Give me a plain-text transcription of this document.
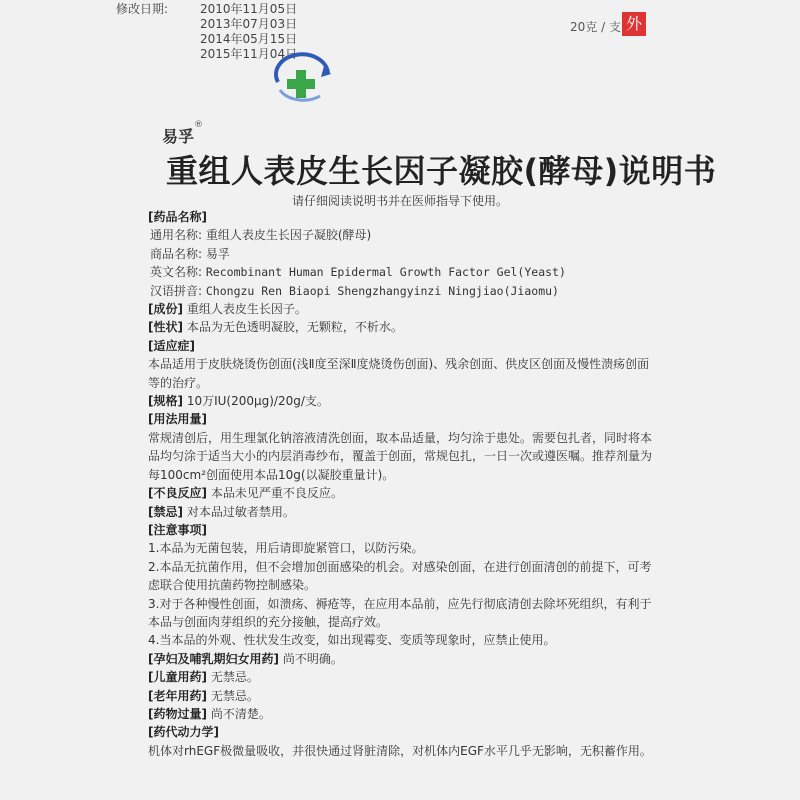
修改日期:	2010年11月05日
2013年07月03日
2014年05月15日
2015年11月04日
20克 / 支 外
易孚
®
重组人表皮生长因子凝胶(酵母)说明书
请仔细阅读说明书并在医师指导下使用。

[药品名称]

通用名称: 重组人表皮生长因子凝胶(酵母)

商品名称: 易孚

英文名称: Recombinant Human Epidermal Growth Factor Gel(Yeast)

汉语拼音: Chongzu Ren Biaopi Shengzhangyinzi Ningjiao(Jiaomu)

[成份] 重组人表皮生长因子。

[性状] 本品为无色透明凝胶，无颗粒，不析水。

[适应症]

本品适用于皮肤烧烫伤创面(浅Ⅱ度至深Ⅱ度烧烫伤创面)、残余创面、供皮区创面及慢性溃疡创面等的治疗。

[规格] 10万IU(200μg)/20g/支。

[用法用量]

常规清创后，用生理氯化钠溶液清洗创面，取本品适量，均匀涂于患处。需要包扎者，同时将本品均匀涂于适当大小的内层消毒纱布，覆盖于创面，常规包扎，一日一次或遵医嘱。推荐剂量为每100cm²创面使用本品10g(以凝胶重量计)。

[不良反应] 本品未见严重不良反应。

[禁忌] 对本品过敏者禁用。

[注意事项]

1.本品为无菌包装，用后请即旋紧管口，以防污染。

2.本品无抗菌作用，但不会增加创面感染的机会。对感染创面，在进行创面清创的前提下，可考虑联合使用抗菌药物控制感染。

3.对于各种慢性创面，如溃疡、褥疮等，在应用本品前，应先行彻底清创去除坏死组织，有利于本品与创面肉芽组织的充分接触，提高疗效。

4.当本品的外观、性状发生改变，如出现霉变、变质等现象时，应禁止使用。

[孕妇及哺乳期妇女用药] 尚不明确。

[儿童用药] 无禁忌。

[老年用药] 无禁忌。

[药物过量] 尚不清楚。

[药代动力学]

机体对rhEGF极微量吸收，并很快通过肾脏清除，对机体内EGF水平几乎无影响，无积蓄作用。
